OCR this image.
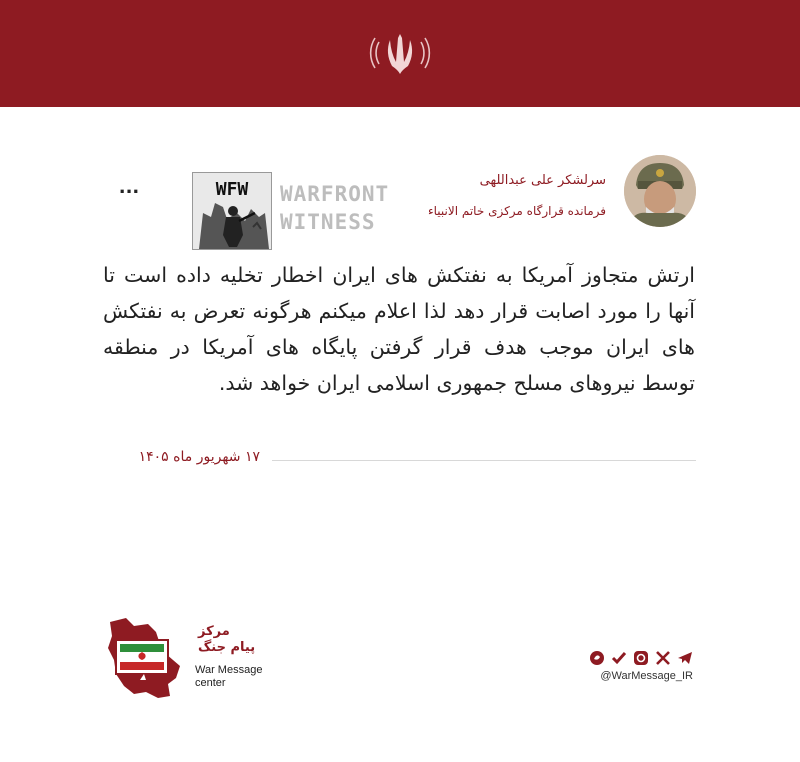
سرلشکر علی عبداللهی
فرمانده قرارگاه مرکزی خاتم الانبیاء
WFW WARFRONT
WITNESS
...
ارتش متجاوز آمریکا به نفتکش های ایران اخطار تخلیه داده است تا آنها را مورد اصابت قرار دهد لذا اعلام میکنم هرگونه تعرض به نفتکش های ایران موجب هدف قرار گرفتن پایگاه های آمریکا در منطقه توسط نیروهای مسلح جمهوری اسلامی ایران خواهد شد.
۱۷ شهریور ماه ۱۴۰۵
مرکز
پیام جنگ
War Message
center
@WarMessage_IR
